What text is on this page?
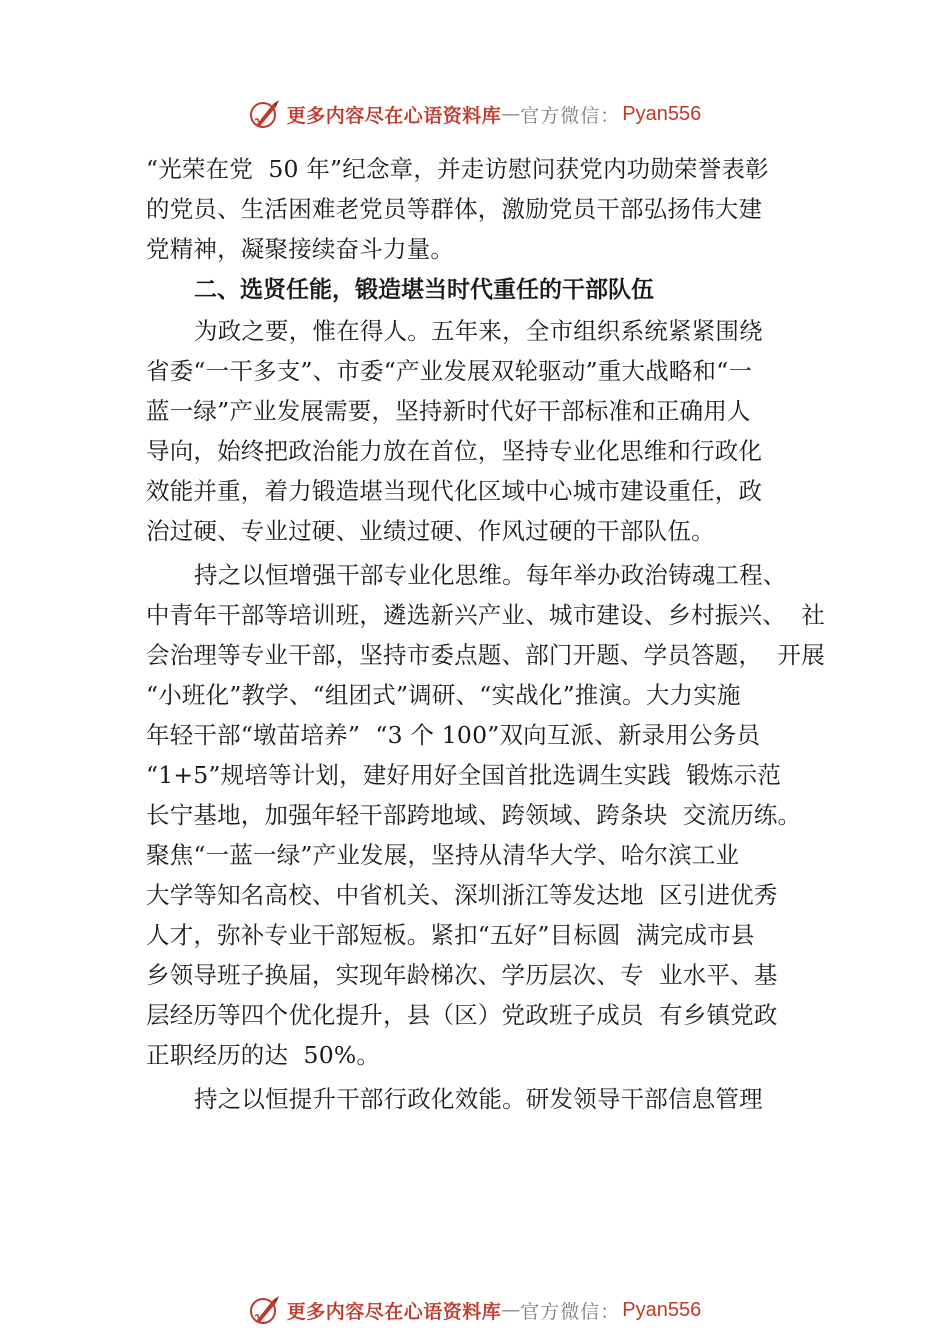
更多内容尽在心语资料库 — 官方微信： Pyan556
“光荣在党  50 年”纪念章，并走访慰问获党内功勋荣誉表彰
的党员、生活困难老党员等群体，激励党员干部弘扬伟大建
党精神，凝聚接续奋斗力量。
二、选贤任能，锻造堪当时代重任的干部队伍
为政之要，惟在得人。五年来，全市组织系统紧紧围绕
省委“一干多支”、市委“产业发展双轮驱动”重大战略和“一
蓝一绿”产业发展需要，坚持新时代好干部标准和正确用人
导向，始终把政治能力放在首位，坚持专业化思维和行政化
效能并重，着力锻造堪当现代化区域中心城市建设重任，政
治过硬、专业过硬、业绩过硬、作风过硬的干部队伍。
持之以恒增强干部专业化思维。每年举办政治铸魂工程、
中青年干部等培训班，遴选新兴产业、城市建设、乡村振兴、  社
会治理等专业干部，坚持市委点题、部门开题、学员答题，  开展
“小班化”教学、“组团式”调研、“实战化”推演。大力实施
年轻干部“墩苗培养”  “3 个 100”双向互派、新录用公务员
“1+5”规培等计划，建好用好全国首批选调生实践  锻炼示范
长宁基地，加强年轻干部跨地域、跨领域、跨条块  交流历练。
聚焦“一蓝一绿”产业发展，坚持从清华大学、哈尔滨工业
大学等知名高校、中省机关、深圳浙江等发达地  区引进优秀
人才，弥补专业干部短板。紧扣“五好”目标圆  满完成市县
乡领导班子换届，实现年龄梯次、学历层次、专  业水平、基
层经历等四个优化提升，县（区）党政班子成员  有乡镇党政
正职经历的达  50%。
持之以恒提升干部行政化效能。研发领导干部信息管理
更多内容尽在心语资料库 — 官方微信： Pyan556
